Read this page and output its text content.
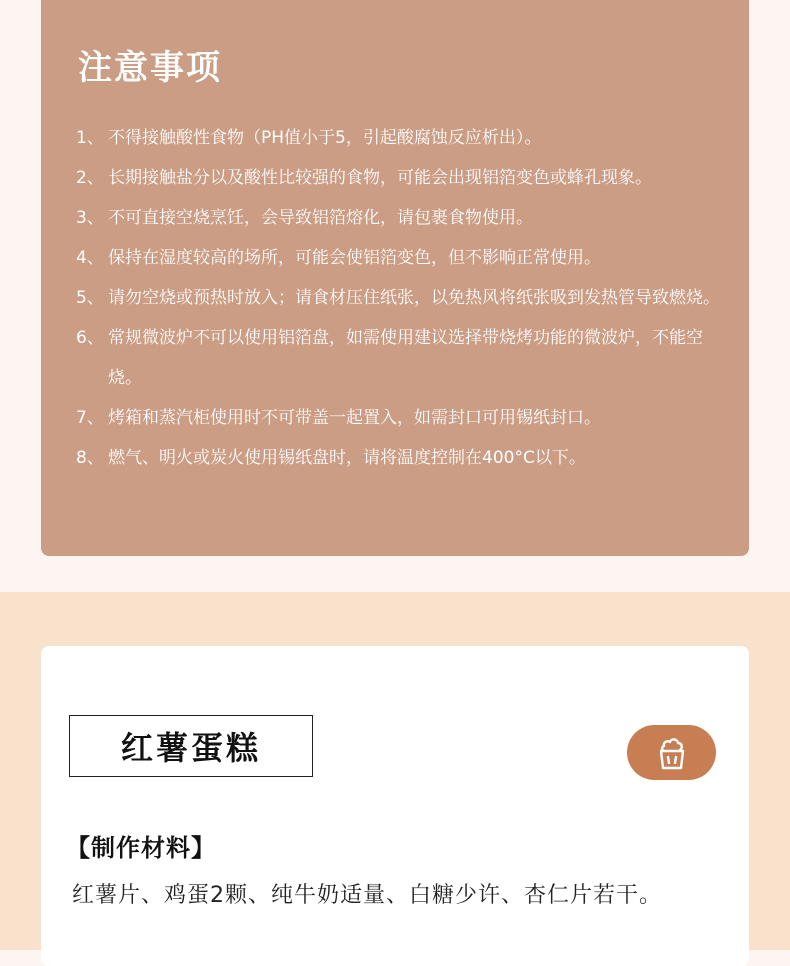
注意事项
1、 不得接触酸性食物（PH值小于5，引起酸腐蚀反应析出）。
2、 长期接触盐分以及酸性比较强的食物，可能会出现铝箔变色或蜂孔现象。
3、 不可直接空烧烹饪，会导致铝箔熔化，请包裹食物使用。
4、 保持在湿度较高的场所，可能会使铝箔变色，但不影响正常使用。
5、 请勿空烧或预热时放入；请食材压住纸张，以免热风将纸张吸到发热管导致燃烧。
6、 常规微波炉不可以使用铝箔盘，如需使用建议选择带烧烤功能的微波炉，不能空烧。
7、 烤箱和蒸汽柜使用时不可带盖一起置入，如需封口可用锡纸封口。
8、 燃气、明火或炭火使用锡纸盘时，请将温度控制在400°C以下。
红薯蛋糕
【制作材料】
红薯片、鸡蛋2颗、纯牛奶适量、白糖少许、杏仁片若干。
